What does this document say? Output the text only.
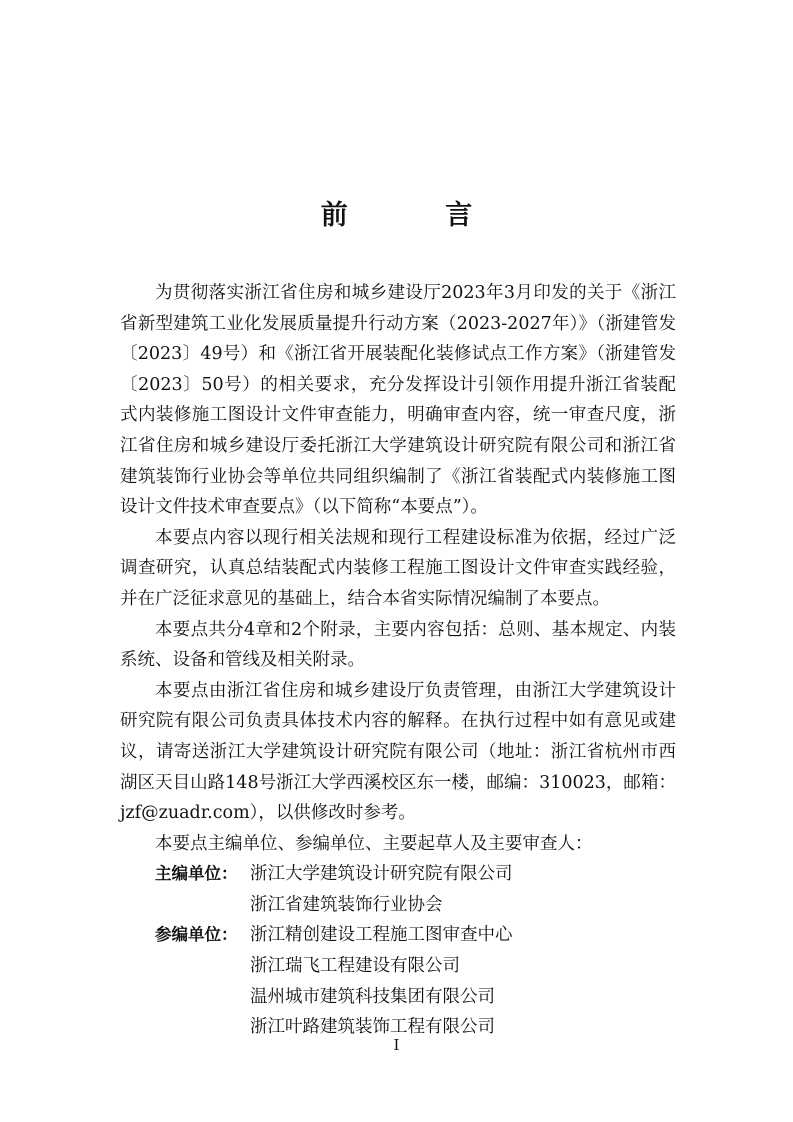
前 言

为贯彻落实浙江省住房和城乡建设厅2023年3月印发的关于《浙江省新型建筑工业化发展质量提升行动方案（2023-2027年）》（浙建管发〔2023〕49号）和《浙江省开展装配化装修试点工作方案》（浙建管发〔2023〕50号）的相关要求，充分发挥设计引领作用提升浙江省装配式内装修施工图设计文件审查能力，明确审查内容，统一审查尺度，浙江省住房和城乡建设厅委托浙江大学建筑设计研究院有限公司和浙江省建筑装饰行业协会等单位共同组织编制了《浙江省装配式内装修施工图设计文件技术审查要点》（以下简称“本要点”）。

本要点内容以现行相关法规和现行工程建设标准为依据，经过广泛调查研究，认真总结装配式内装修工程施工图设计文件审查实践经验，并在广泛征求意见的基础上，结合本省实际情况编制了本要点。

本要点共分4章和2个附录，主要内容包括：总则、基本规定、内装系统、设备和管线及相关附录。

本要点由浙江省住房和城乡建设厅负责管理，由浙江大学建筑设计研究院有限公司负责具体技术内容的解释。在执行过程中如有意见或建议，请寄送浙江大学建筑设计研究院有限公司（地址：浙江省杭州市西湖区天目山路148号浙江大学西溪校区东一楼，邮编：310023，邮箱：jzf@zuadr.com），以供修改时参考。

本要点主编单位、参编单位、主要起草人及主要审查人：

主编单位： 浙江大学建筑设计研究院有限公司
浙江省建筑装饰行业协会
参编单位： 浙江精创建设工程施工图审查中心
浙江瑞飞工程建设有限公司
温州城市建筑科技集团有限公司
浙江叶路建筑装饰工程有限公司
I
